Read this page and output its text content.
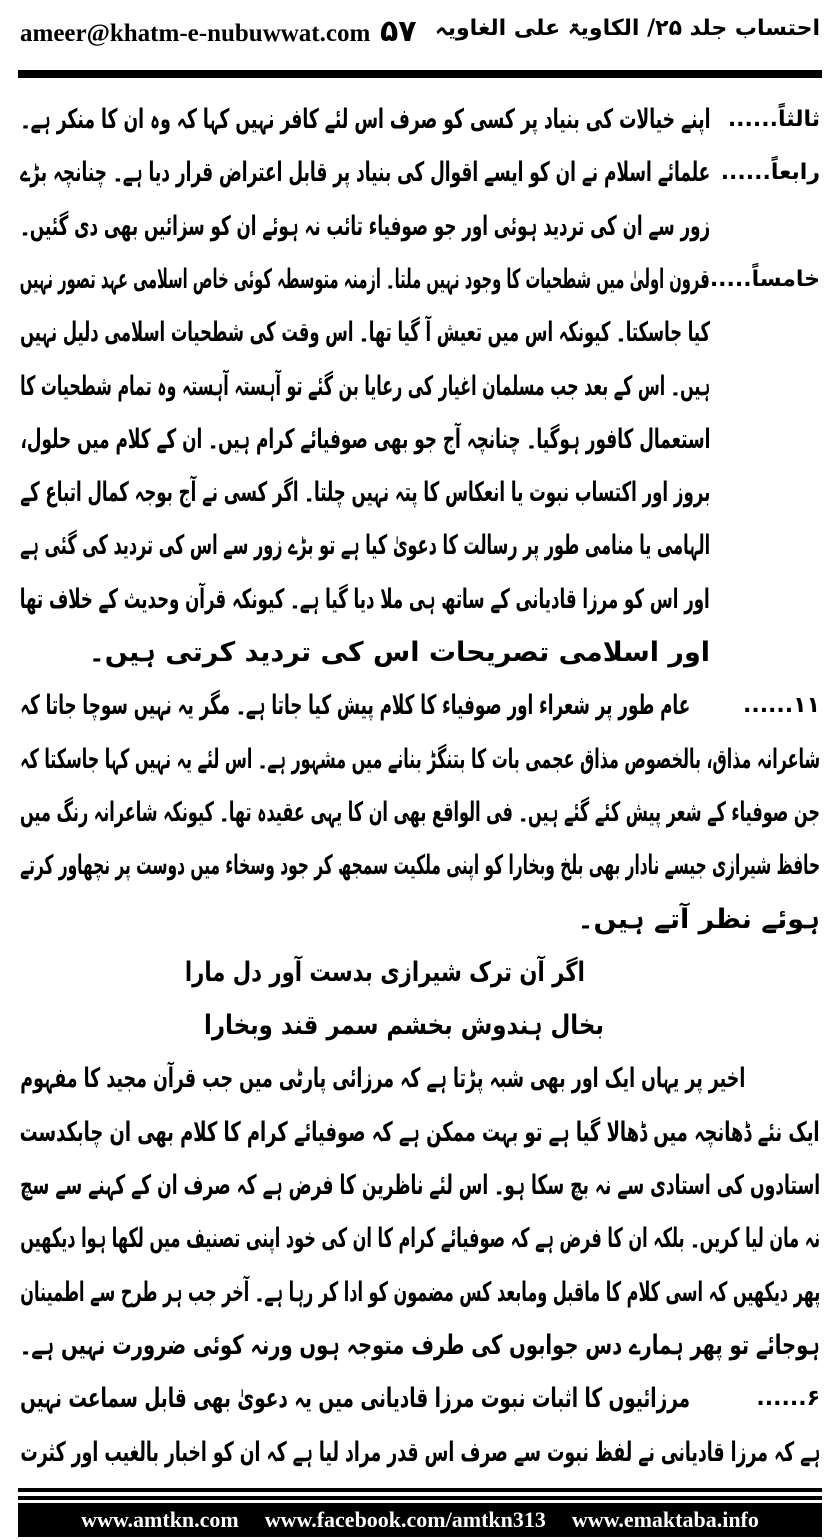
ameer@khatm-e-nubuwwat.com ۵۷ احتساب جلد ۲۵/ الکاویۃ علی الغاویہ
اپنے خیالات کی بنیاد پر کسی کو صرف اس لئے کافر نہیں کہا کہ وہ ان کا منکر ہے۔ ثالثاً......
علمائے اسلام نے ان کو ایسے اقوال کی بنیاد پر قابل اعتراض قرار دیا ہے۔ چنانچہ بڑے رابعاً......
زور سے ان کی تردید ہوئی اور جو صوفیاء تائب نہ ہوئے ان کو سزائیں بھی دی گئیں۔
قرون اولیٰ میں شطحیات کا وجود نہیں ملتا۔ ازمنہ متوسطہ کوئی خاص اسلامی عہد تصور نہیں
خامساً......
کیا جاسکتا۔ کیونکہ اس میں تعیش آ گیا تھا۔ اس وقت کی شطحیات اسلامی دلیل نہیں
ہیں۔ اس کے بعد جب مسلمان اغیار کی رعایا بن گئے تو آہستہ آہستہ وہ تمام شطحیات کا
استعمال کافور ہوگیا۔ چنانچہ آج جو بھی صوفیائے کرام ہیں۔ ان کے کلام میں حلول،
بروز اور اکتساب نبوت یا انعکاس کا پتہ نہیں چلتا۔ اگر کسی نے آج بوجہ کمال اتباع کے
الہامی یا منامی طور پر رسالت کا دعویٰ کیا ہے تو بڑے زور سے اس کی تردید کی گئی ہے
اور اس کو مرزا قادیانی کے ساتھ ہی ملا دیا گیا ہے۔ کیونکہ قرآن وحدیث کے خلاف تھا
اور اسلامی تصریحات اس کی تردید کرتی ہیں۔
عام طور پر شعراء اور صوفیاء کا کلام پیش کیا جاتا ہے۔ مگر یہ نہیں سوچا جاتا کہ	۱۱......
شاعرانہ مذاق، بالخصوص مذاق عجمی بات کا بتنگڑ بنانے میں مشہور ہے۔ اس لئے یہ نہیں کہا جاسکتا کہ
جن صوفیاء کے شعر پیش کئے گئے ہیں۔ فی الواقع بھی ان کا یہی عقیدہ تھا۔ کیونکہ شاعرانہ رنگ میں
حافظ شیرازی جیسے نادار بھی بلخ وبخارا کو اپنی ملکیت سمجھ کر جود وسخاء میں دوست پر نچھاور کرتے
ہوئے نظر آتے ہیں۔
اگر آن ترک شیرازی بدست آور دل مارا
بخال ہندوش بخشم سمر قند وبخارا
اخیر پر یہاں ایک اور بھی شبہ پڑتا ہے کہ مرزائی پارٹی میں جب قرآن مجید کا مفہوم
ایک نئے ڈھانچہ میں ڈھالا گیا ہے تو بہت ممکن ہے کہ صوفیائے کرام کا کلام بھی ان چابکدست
استادوں کی استادی سے نہ بچ سکا ہو۔ اس لئے ناظرین کا فرض ہے کہ صرف ان کے کہنے سے سچ
نہ مان لیا کریں۔ بلکہ ان کا فرض ہے کہ صوفیائے کرام کا ان کی خود اپنی تصنیف میں لکھا ہوا دیکھیں
پھر دیکھیں کہ اسی کلام کا ماقبل ومابعد کس مضمون کو ادا کر رہا ہے۔ آخر جب ہر طرح سے اطمینان
ہوجائے تو پھر ہمارے دس جوابوں کی طرف متوجہ ہوں ورنہ کوئی ضرورت نہیں ہے۔
مرزائیوں کا اثبات نبوت مرزا قادیانی میں یہ دعویٰ بھی قابل سماعت نہیں	۶......
ہے کہ مرزا قادیانی نے لفظ نبوت سے صرف اس قدر مراد لیا ہے کہ ان کو اخبار بالغیب اور کثرت
www.amtkn.com www.facebook.com/amtkn313 www.emaktaba.info
